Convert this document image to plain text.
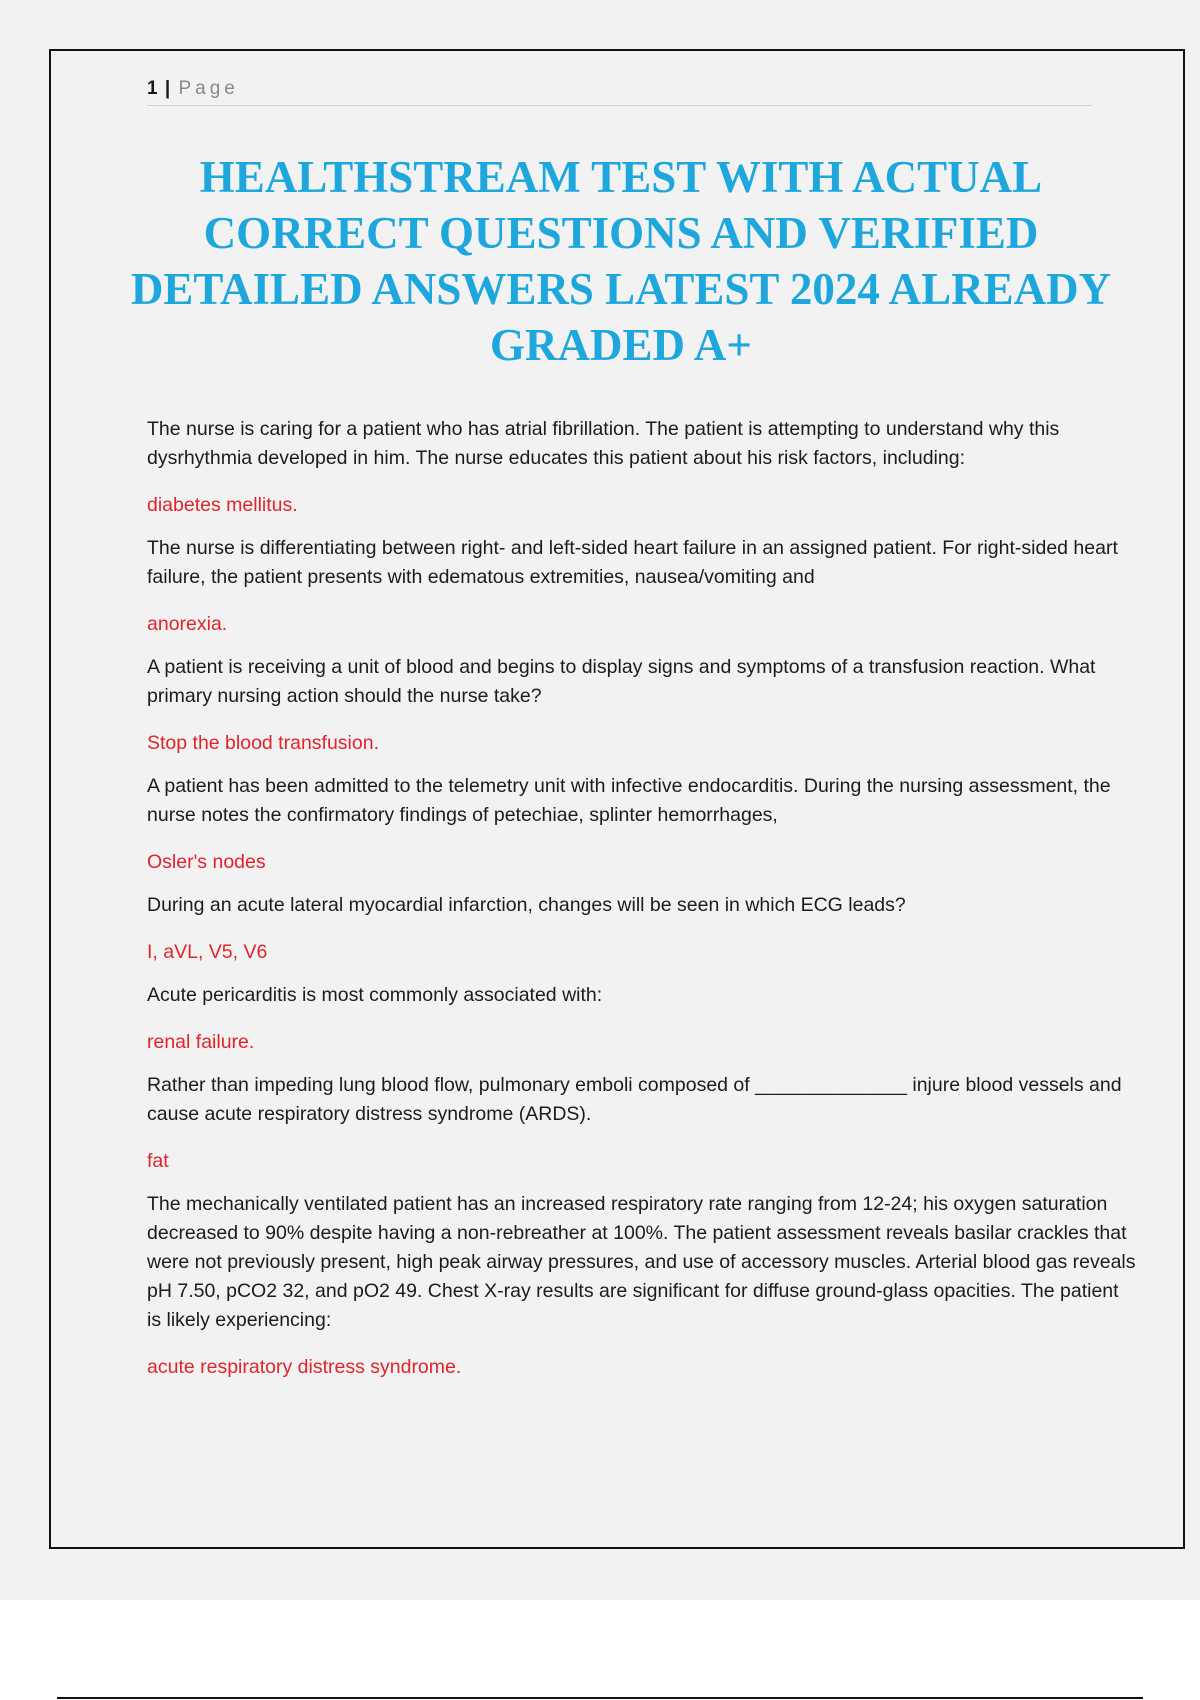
1 | Page
HEALTHSTREAM TEST WITH ACTUAL CORRECT QUESTIONS AND VERIFIED DETAILED ANSWERS LATEST 2024 ALREADY GRADED A+

The nurse is caring for a patient who has atrial fibrillation. The patient is attempting to understand why this dysrhythmia developed in him. The nurse educates this patient about his risk factors, including:

diabetes mellitus.

The nurse is differentiating between right- and left-sided heart failure in an assigned patient. For right-sided heart failure, the patient presents with edematous extremities, nausea/vomiting and

anorexia.

A patient is receiving a unit of blood and begins to display signs and symptoms of a transfusion reaction. What primary nursing action should the nurse take?

Stop the blood transfusion.

A patient has been admitted to the telemetry unit with infective endocarditis. During the nursing assessment, the nurse notes the confirmatory findings of petechiae, splinter hemorrhages,

Osler's nodes

During an acute lateral myocardial infarction, changes will be seen in which ECG leads?

I, aVL, V5, V6

Acute pericarditis is most commonly associated with:

renal failure.

Rather than impeding lung blood flow, pulmonary emboli composed of ______________ injure blood vessels and cause acute respiratory distress syndrome (ARDS).

fat

The mechanically ventilated patient has an increased respiratory rate ranging from 12-24; his oxygen saturation decreased to 90% despite having a non-rebreather at 100%. The patient assessment reveals basilar crackles that were not previously present, high peak airway pressures, and use of accessory muscles. Arterial blood gas reveals pH 7.50, pCO2 32, and pO2 49. Chest X-ray results are significant for diffuse ground-glass opacities. The patient is likely experiencing:

acute respiratory distress syndrome.
